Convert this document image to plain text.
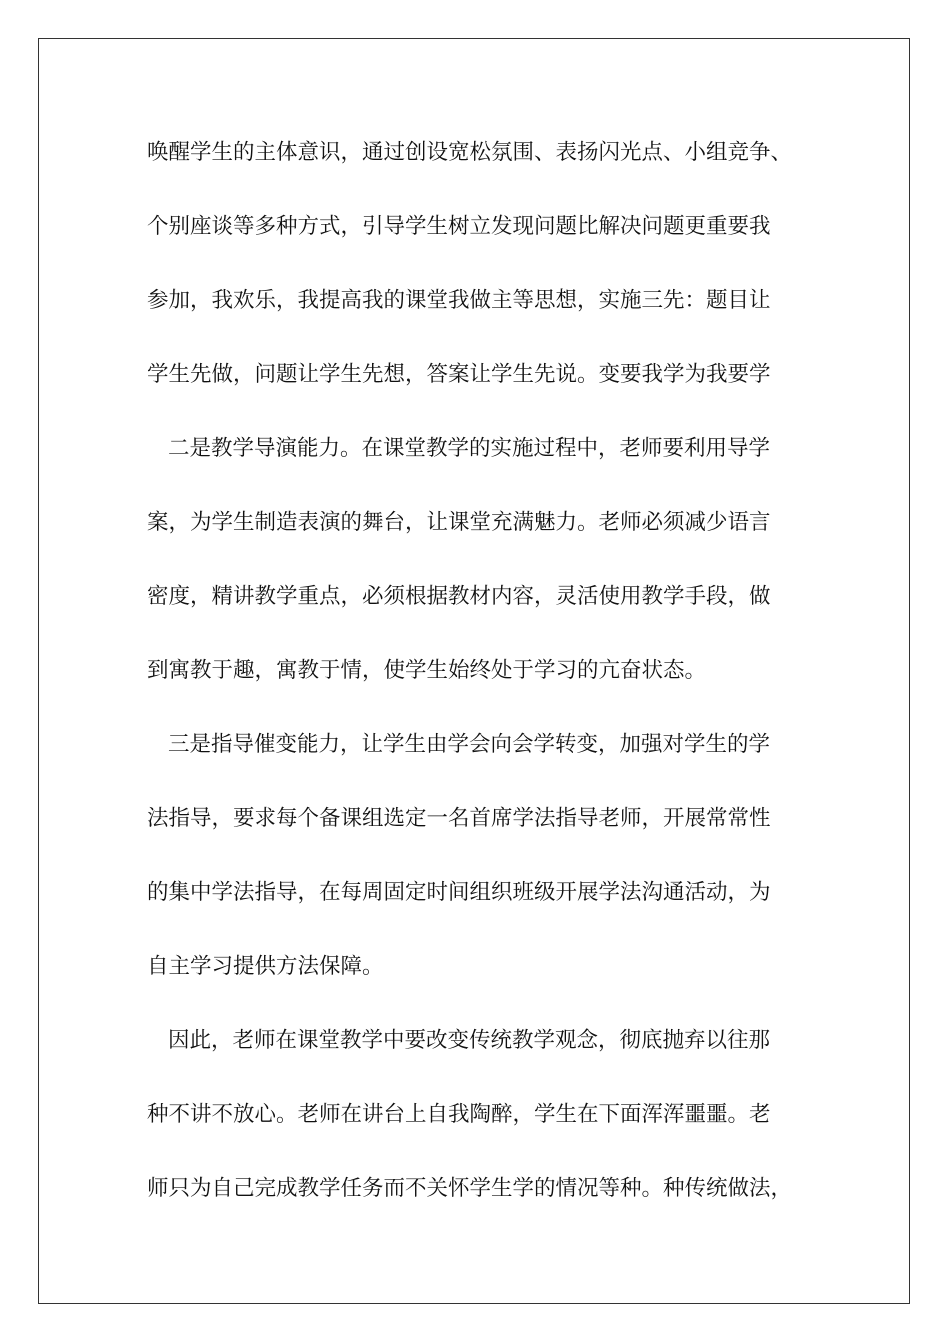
唤醒学生的主体意识，通过创设宽松氛围、表扬闪光点、小组竞争、
个别座谈等多种方式，引导学生树立发现问题比解决问题更重要我
参加，我欢乐，我提高我的课堂我做主等思想，实施三先：题目让
学生先做，问题让学生先想，答案让学生先说。变要我学为我要学
二是教学导演能力。在课堂教学的实施过程中，老师要利用导学
案，为学生制造表演的舞台，让课堂充满魅力。老师必须减少语言
密度，精讲教学重点，必须根据教材内容，灵活使用教学手段，做
到寓教于趣，寓教于情，使学生始终处于学习的亢奋状态。
三是指导催变能力，让学生由学会向会学转变，加强对学生的学
法指导，要求每个备课组选定一名首席学法指导老师，开展常常性
的集中学法指导，在每周固定时间组织班级开展学法沟通活动，为
自主学习提供方法保障。
因此，老师在课堂教学中要改变传统教学观念，彻底抛弃以往那
种不讲不放心。老师在讲台上自我陶醉，学生在下面浑浑噩噩。老
师只为自己完成教学任务而不关怀学生学的情况等种。种传统做法，
